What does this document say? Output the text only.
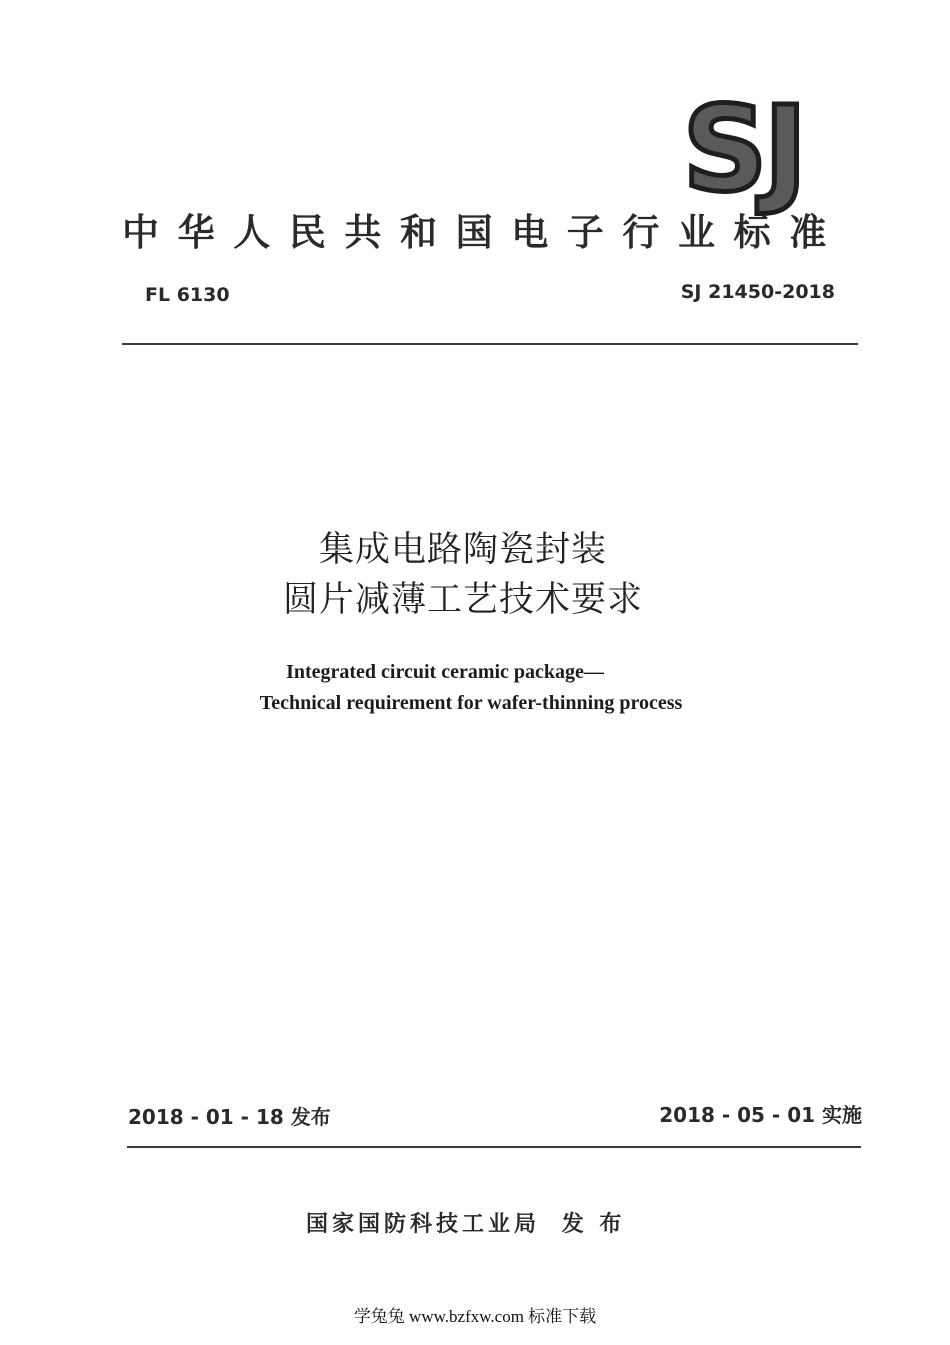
SJ
中华人民共和国电子行业标准
FL 6130	SJ 21450-2018
集成电路陶瓷封装
圆片减薄工艺技术要求
Integrated circuit ceramic package—
Technical requirement for wafer-thinning process
2018 - 01 - 18 发布	2018 - 05 - 01 实施
国家国防科技工业局 发 布
学兔兔 www.bzfxw.com 标准下载
